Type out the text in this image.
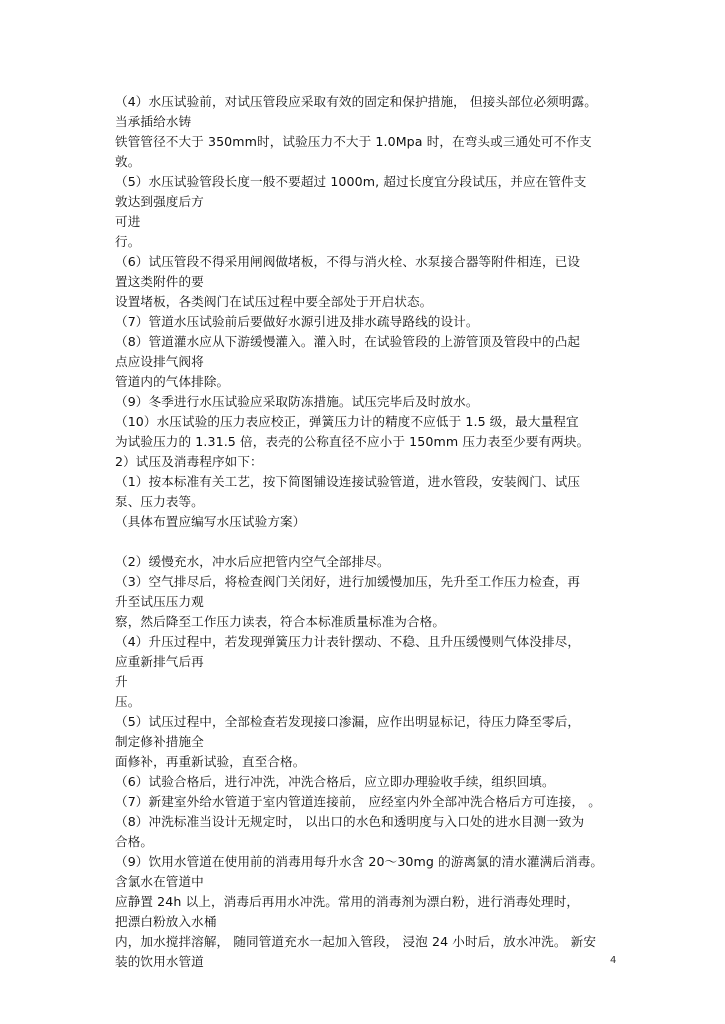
（4）水压试验前，对试压管段应采取有效的固定和保护措施， 但接头部位必须明露。
当承插给水铸
铁管管径不大于 350mm时，试验压力不大于 1.0Mpa 时，在弯头或三通处可不作支
敦。
（5）水压试验管段长度一般不要超过 1000m, 超过长度宜分段试压，并应在管件支
敦达到强度后方
可进
行。
（6）试压管段不得采用闸阀做堵板，不得与消火栓、水泵接合器等附件相连，已设
置这类附件的要
设置堵板，各类阀门在试压过程中要全部处于开启状态。
（7）管道水压试验前后要做好水源引进及排水疏导路线的设计。
（8）管道灌水应从下游缓慢灌入。灌入时，在试验管段的上游管顶及管段中的凸起
点应设排气阀将
管道内的气体排除。
（9）冬季进行水压试验应采取防冻措施。试压完毕后及时放水。
（10）水压试验的压力表应校正，弹簧压力计的精度不应低于 1.5 级，最大量程宜
为试验压力的 1.31.5 倍，表壳的公称直径不应小于 150mm 压力表至少要有两块。
2）试压及消毒程序如下：
（1）按本标准有关工艺，按下简图铺设连接试验管道，进水管段，安装阀门、试压
泵、压力表等。
（具体布置应编写水压试验方案）
（2）缓慢充水，冲水后应把管内空气全部排尽。
（3）空气排尽后，将检查阀门关闭好，进行加缓慢加压，先升至工作压力检查，再
升至试压压力观
察，然后降至工作压力读表，符合本标准质量标准为合格。
（4）升压过程中，若发现弹簧压力计表针摆动、不稳、且升压缓慢则气体没排尽，
应重新排气后再
升
压。
（5）试压过程中，全部检查若发现接口渗漏，应作出明显标记，待压力降至零后，
制定修补措施全
面修补，再重新试验，直至合格。
（6）试验合格后，进行冲洗，冲洗合格后，应立即办理验收手续，组织回填。
（7）新建室外给水管道于室内管道连接前， 应经室内外全部冲洗合格后方可连接， 。
（8）冲洗标准当设计无规定时， 以出口的水色和透明度与入口处的进水目测一致为
合格。
（9）饮用水管道在使用前的消毒用每升水含 20～30mg 的游离氯的清水灌满后消毒。
含氯水在管道中
应静置 24h 以上，消毒后再用水冲洗。常用的消毒剂为漂白粉，进行消毒处理时，
把漂白粉放入水桶
内，加水搅拌溶解， 随同管道充水一起加入管段， 浸泡 24 小时后，放水冲洗。 新安
装的饮用水管道	4
